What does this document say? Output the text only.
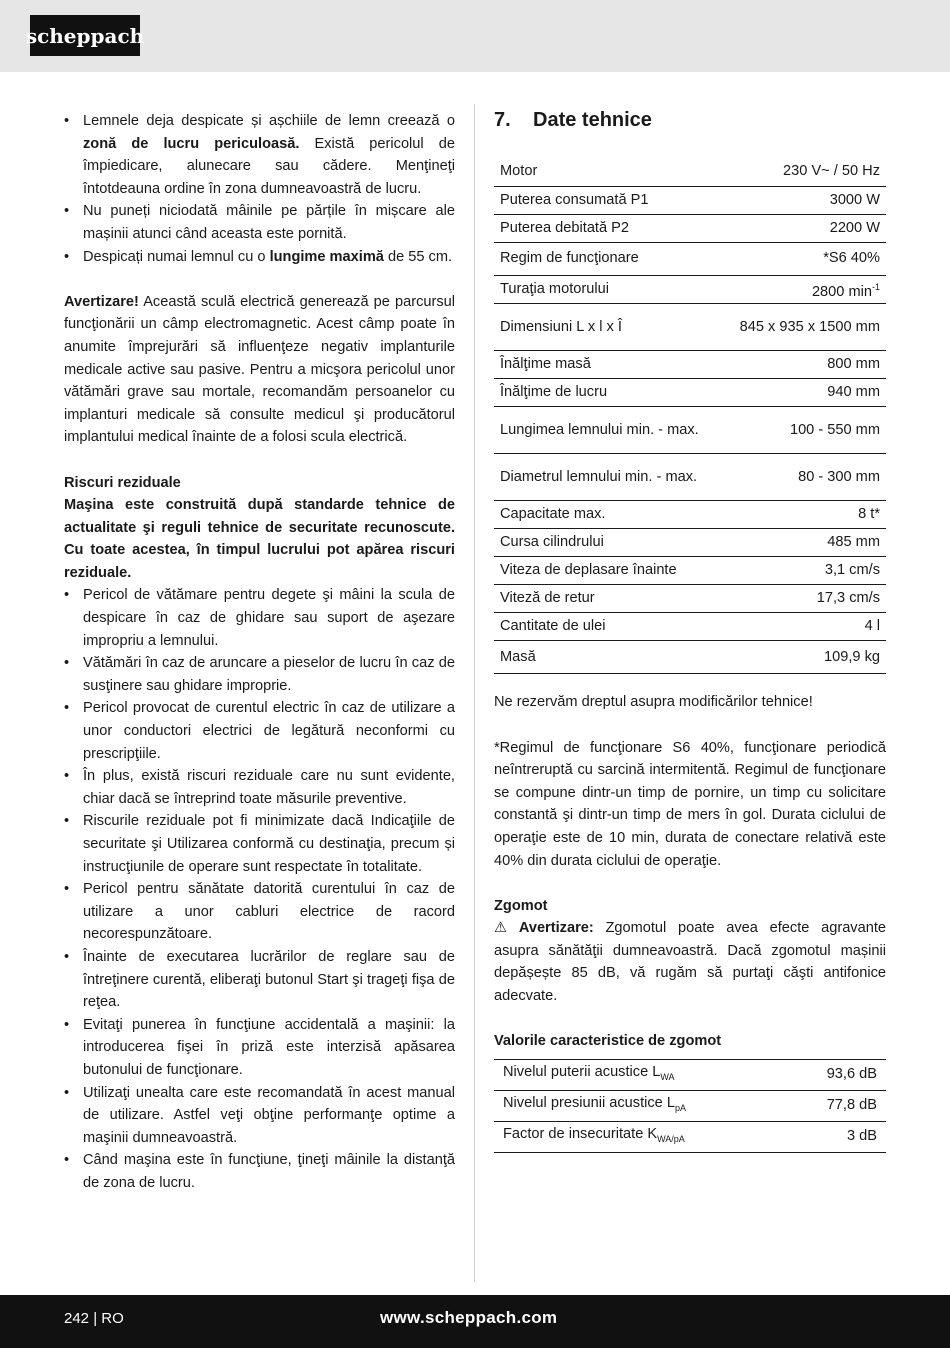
scheppach
• Lemnele deja despicate și așchiile de lemn creează o zonă de lucru periculoasă. Există pericolul de împiedicare, alunecare sau cădere. Menţineţi întotdeauna ordine în zona dumneavoastră de lucru.
• Nu puneți niciodată mâinile pe părțile în mișcare ale mașinii atunci când aceasta este pornită.
• Despicați numai lemnul cu o lungime maximă de 55 cm.

Avertizare! Această sculă electrică generează pe parcursul funcţionării un câmp electromagnetic. Acest câmp poate în anumite împrejurări să influenţeze negativ implanturile medicale active sau pasive. Pentru a micşora pericolul unor vătămări grave sau mortale, recomandăm persoanelor cu implanturi medicale să consulte medicul şi producătorul implantului medical înainte de a folosi scula electrică.

Riscuri reziduale

Maşina este construită după standarde tehnice de actualitate şi reguli tehnice de securitate recunoscute. Cu toate acestea, în timpul lucrului pot apărea riscuri reziduale.

• Pericol de vătămare pentru degete şi mâini la scula de despicare în caz de ghidare sau suport de aşezare impropriu a lemnului.
• Vătămări în caz de aruncare a pieselor de lucru în caz de susţinere sau ghidare improprie.
• Pericol provocat de curentul electric în caz de utilizare a unor conductori electrici de legătură neconformi cu prescripţiile.
• În plus, există riscuri reziduale care nu sunt evidente, chiar dacă se întreprind toate măsurile preventive.
• Riscurile reziduale pot fi minimizate dacă Indicaţiile de securitate şi Utilizarea conformă cu destinaţia, precum și instrucţiunile de operare sunt respectate în totalitate.
• Pericol pentru sănătate datorită curentului în caz de utilizare a unor cabluri electrice de racord necorespunzătoare.
• Înainte de executarea lucrărilor de reglare sau de întreţinere curentă, eliberaţi butonul Start şi trageţi fişa de reţea.
• Evitaţi punerea în funcţiune accidentală a maşinii: la introducerea fişei în priză este interzisă apăsarea butonului de funcţionare.
• Utilizaţi unealta care este recomandată în acest manual de utilizare. Astfel veţi obţine performanţe optime a maşinii dumneavoastră.
• Când maşina este în funcţiune, ţineţi mâinile la distanţă de zona de lucru.
7.	Date tehnice
Motor	230 V~ / 50 Hz
Puterea consumată P1	3000 W
Puterea debitată P2	2200 W
Regim de funcţionare	*S6 40%
Turaţia motorului	2800 $\min^{-1}$
Dimensiuni L x l x Î	845 x 935 x 1500 mm
Înălţime masă	800 mm
Înălţime de lucru	940 mm
Lungimea lemnului min. - max.	100 - 550 mm
Diametrul lemnului min. - max.	80 - 300 mm
Capacitate max.	8 t*
Cursa cilindrului	485 mm
Viteza de deplasare înainte	3,1 cm/s
Viteză de retur	17,3 cm/s
Cantitate de ulei	4 l
Masă	109,9 kg

Ne rezervăm dreptul asupra modificărilor tehnice!

*Regimul de funcţionare S6 40%, funcţionare periodică neîntreruptă cu sarcină intermitentă. Regimul de funcţionare se compune dintr-un timp de pornire, un timp cu solicitare constantă şi dintr-un timp de mers în gol. Durata ciclului de operaţie este de 10 min, durata de conectare relativă este 40% din durata ciclului de operaţie.

Zgomot

⚠ Avertizare: Zgomotul poate avea efecte agravante asupra sănătăţii dumneavoastră. Dacă zgomotul mașinii depășește 85 dB, vă rugăm să purtaţi căşti antifonice adecvate.

Valorile caracteristice de zgomot

Nivelul puterii acustice $L_{WA}$	93,6 dB
Nivelul presiunii acustice $L_{pA}$	77,8 dB
Factor de insecuritate $K_{WA/pA}$	3 dB
242 | RO	www.scheppach.com
